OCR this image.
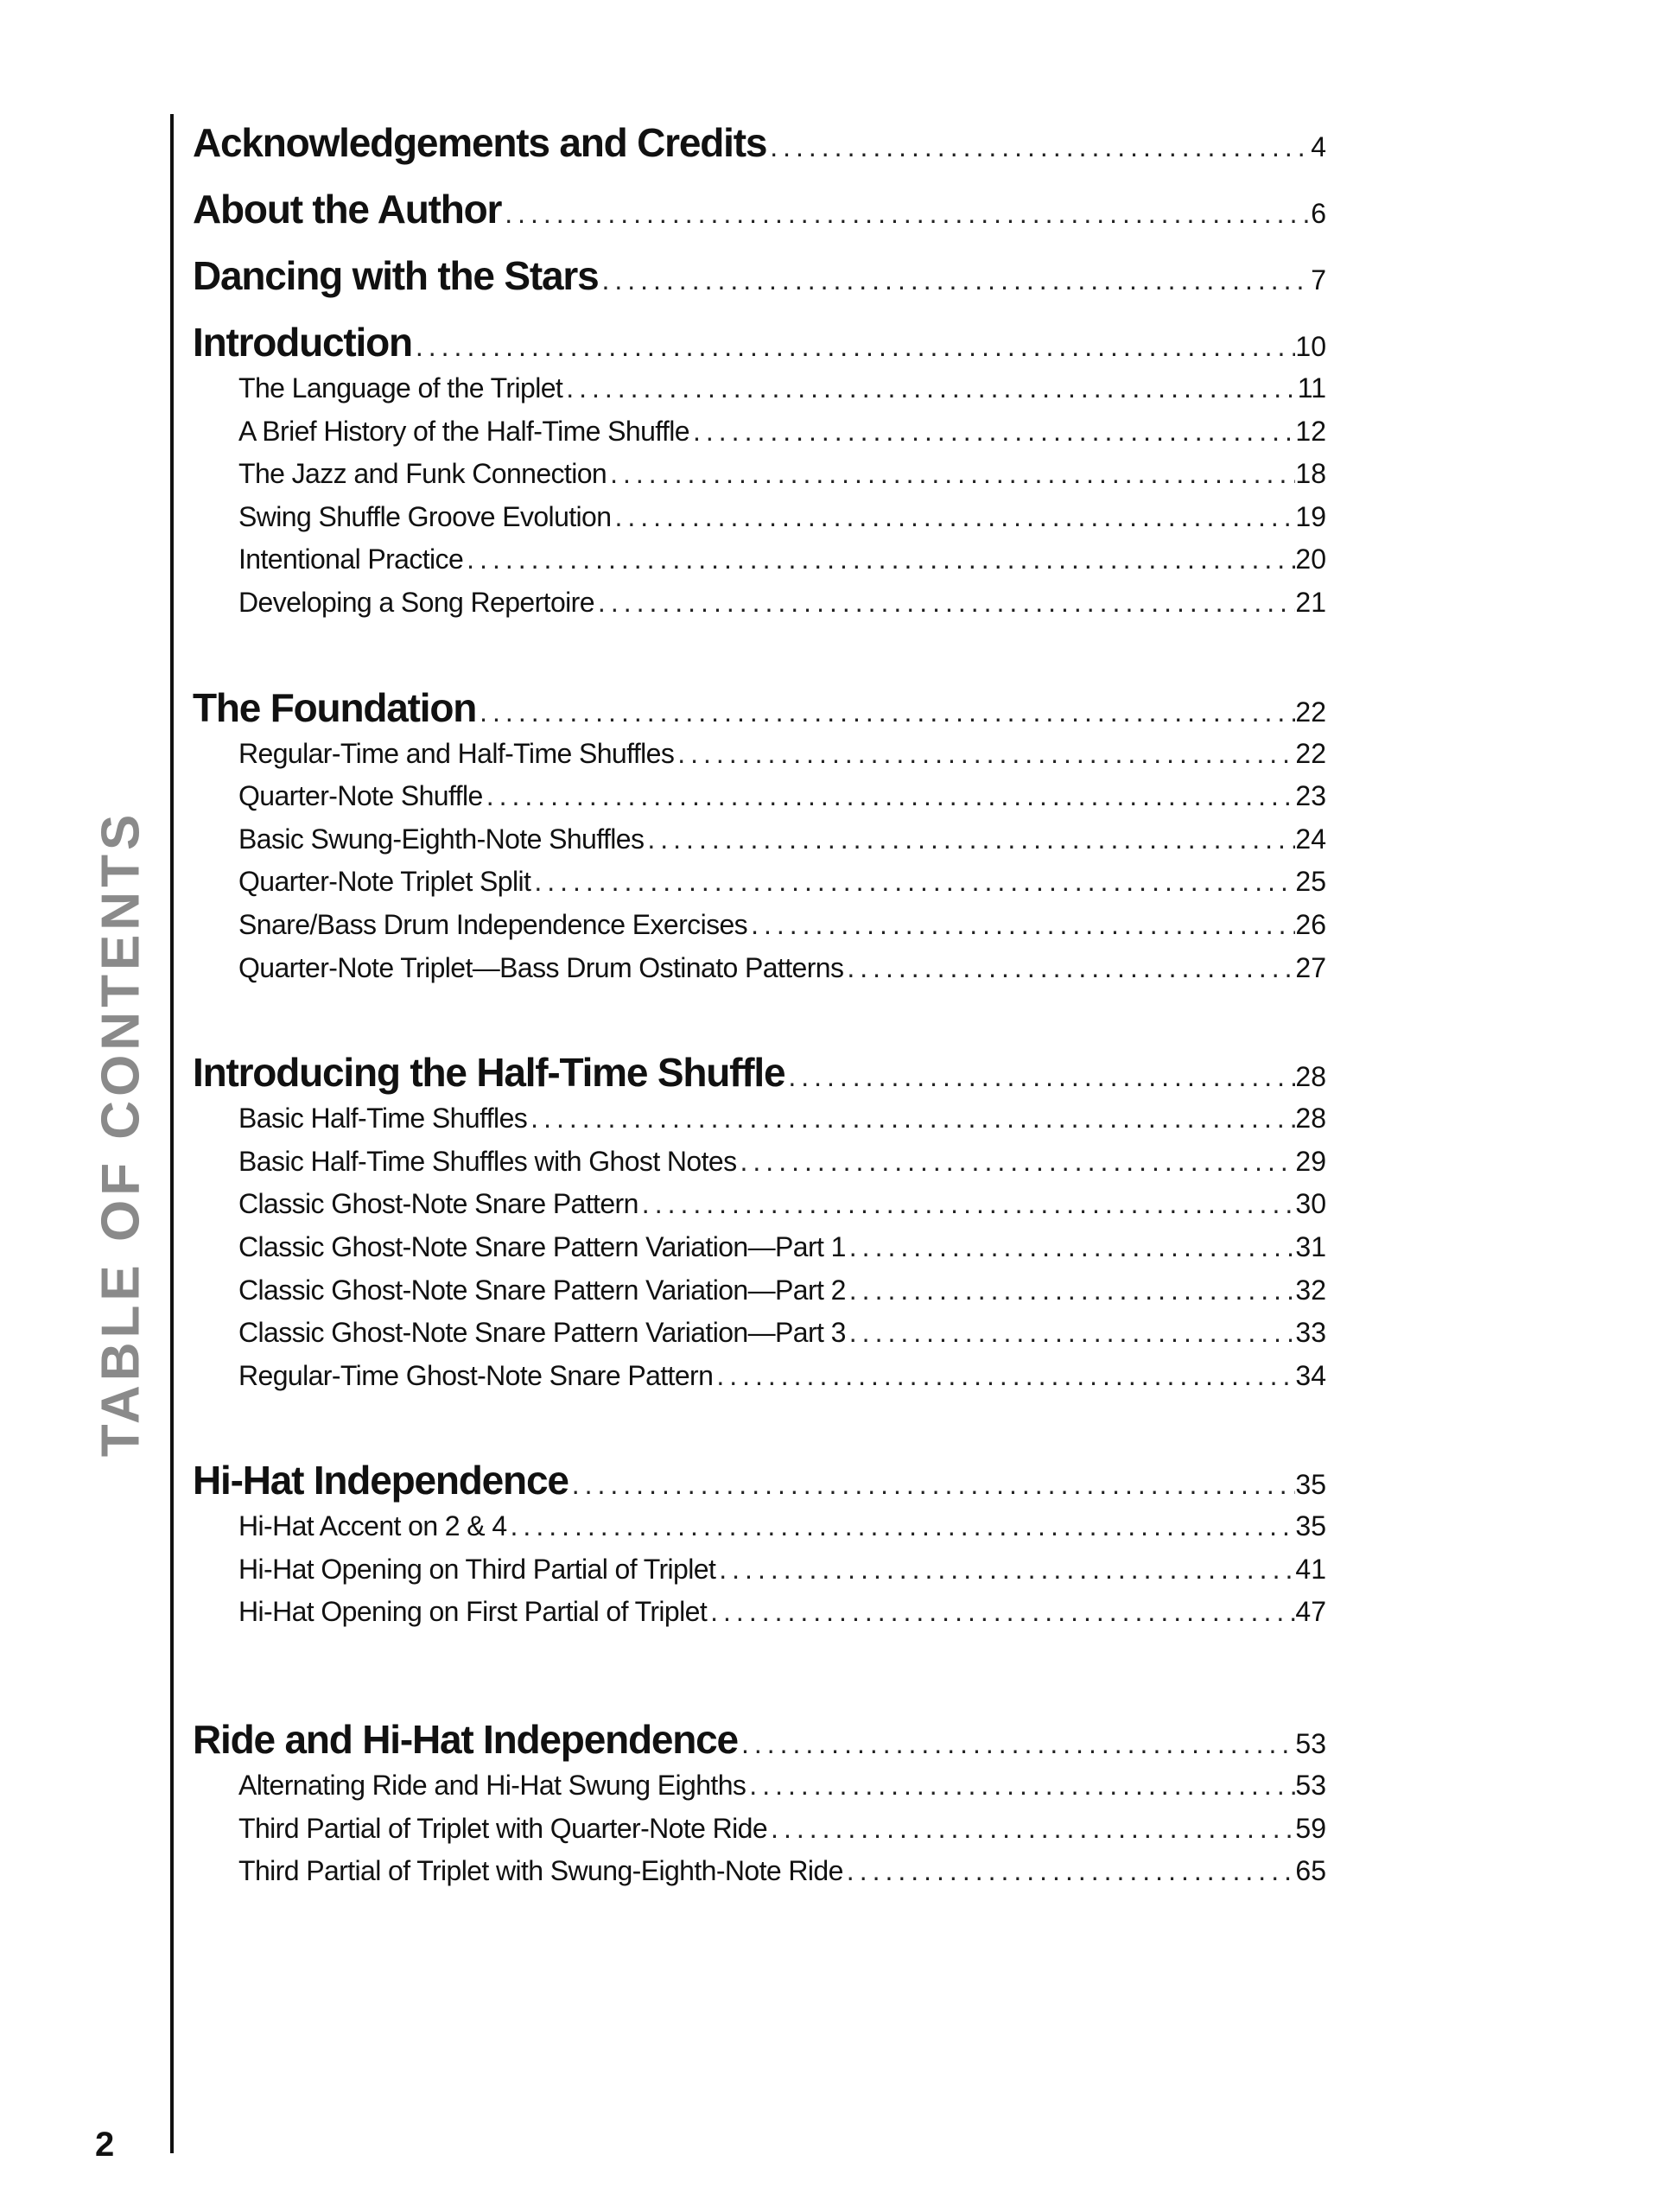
TABLE OF CONTENTS
2
Acknowledgements and Credits .....	4
About the Author .....	6
Dancing with the Stars .....	7
Introduction .....	10
The Language of the Triplet .....	11
A Brief History of the Half-Time Shuffle .....	12
The Jazz and Funk Connection .....	18
Swing Shuffle Groove Evolution .....	19
Intentional Practice .....	20
Developing a Song Repertoire .....	21
The Foundation .....	22
Regular-Time and Half-Time Shuffles .....	22
Quarter-Note Shuffle .....	23
Basic Swung-Eighth-Note Shuffles .....	24
Quarter-Note Triplet Split .....	25
Snare/Bass Drum Independence Exercises .....	26
Quarter-Note Triplet—Bass Drum Ostinato Patterns .....	27
Introducing the Half-Time Shuffle .....	28
Basic Half-Time Shuffles .....	28
Basic Half-Time Shuffles with Ghost Notes .....	29
Classic Ghost-Note Snare Pattern .....	30
Classic Ghost-Note Snare Pattern Variation—Part 1 .....	31
Classic Ghost-Note Snare Pattern Variation—Part 2 .....	32
Classic Ghost-Note Snare Pattern Variation—Part 3 .....	33
Regular-Time Ghost-Note Snare Pattern .....	34
Hi-Hat Independence .....	35
Hi-Hat Accent on 2 & 4 .....	35
Hi-Hat Opening on Third Partial of Triplet .....	41
Hi-Hat Opening on First Partial of Triplet .....	47
Ride and Hi-Hat Independence .....	53
Alternating Ride and Hi-Hat Swung Eighths .....	53
Third Partial of Triplet with Quarter-Note Ride .....	59
Third Partial of Triplet with Swung-Eighth-Note Ride .....	65
